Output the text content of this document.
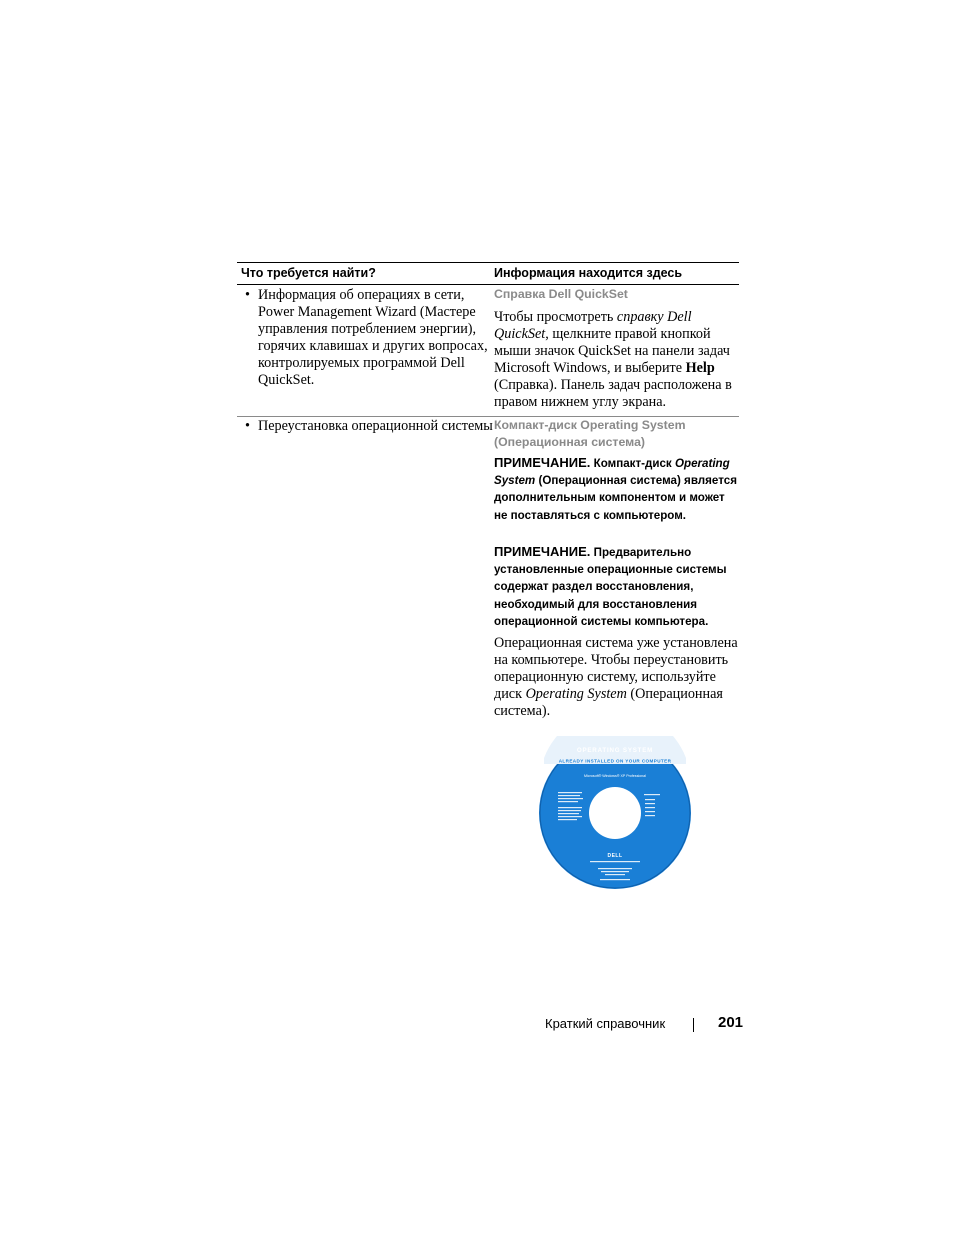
Что требуется найти?	Информация находится здесь
• Информация об операциях в сети, Power Management Wizard (Мастере управления потреблением энергии), горячих клавишах и других вопросах, контролируемых программой Dell QuickSet.
Справка Dell QuickSet
Чтобы просмотреть справку Dell QuickSet, щелкните правой кнопкой мыши значок QuickSet на панели задач Microsoft Windows, и выберите Help (Справка). Панель задач расположена в правом нижнем углу экрана.
• Переустановка операционной системы Компакт-диск Operating System (Операционная система)
ПРИМЕЧАНИЕ. Компакт-диск Operating System (Операционная система) является дополнительным компонентом и может не поставляться с компьютером.
ПРИМЕЧАНИЕ. Предварительно установленные операционные системы содержат раздел восстановления, необходимый для восстановления операционной системы компьютера.
Операционная система уже установлена на компьютере. Чтобы переустановить операционную систему, используйте диск Operating System (Операционная система).
OPERATING SYSTEM
ALREADY INSTALLED ON YOUR COMPUTER
Microsoft® Windows® XP Professional
DELL
Краткий справочник	201
